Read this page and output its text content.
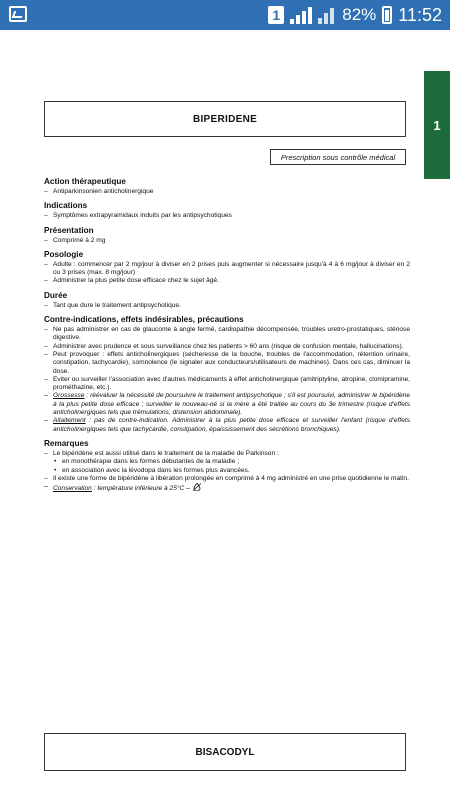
1	82% 11:52
BIPERIDENE
Prescription sous contrôle médical
1
Action thérapeutique

– Antiparkinsonien anticholinergique

Indications

– Symptômes extrapyramidaux induits par les antipsychotiques

Présentation

– Comprimé à 2 mg

Posologie

– Adulte : commencer par 2 mg/jour à diviser en 2 prises puis augmenter si nécessaire jusqu'à 4 à 6 mg/jour à diviser en 2 ou 3 prises (max. 8 mg/jour)

– Administrer la plus petite dose efficace chez le sujet âgé.

Durée

– Tant que dure le traitement antipsychotique.

Contre-indications, effets indésirables, précautions

– Ne pas administrer en cas de glaucome à angle fermé, cardiopathie décompensée, troubles uretro-prostatiques, sténose digestive.

– Administrer avec prudence et sous surveillance chez les patients > 60 ans (risque de confusion mentale, hallucinations).

– Peut provoquer : effets anticholinergiques (sécheresse de la bouche, troubles de l'accommodation, rétention urinaire, constipation, tachycardie), somnolence (le signaler aux conducteurs/utilisateurs de machines). Dans ces cas, diminuer la dose.

– Eviter ou surveiller l'association avec d'autres médicaments à effet anticholinergique (amitriptyline, atropine, clomipramine, prométhazine, etc.).

– Grossesse : réévaluer la nécessité de poursuivre le traitement antipsychotique ; s'il est poursuivi, administrer le bipéridène à la plus petite dose efficace ; surveiller le nouveau-né si la mère a été traitée au cours du 3e trimestre (risque d'effets anticholinergiques tels que trémulations, distension abdominale).

– Allaitement : pas de contre-indication. Administrer à la plus petite dose efficace et surveiller l'enfant (risque d'effets anticholinergiques tels que tachycardie, constipation, épaississement des sécrétions bronchiques).

Remarques

– Le bipéridène est aussi utilisé dans le traitement de la maladie de Parkinson :

• en monothérapie dans les formes débutantes de la maladie ;

• en association avec la lévodopa dans les formes plus avancées.

– Il existe une forme de bipéridène à libération prolongée en comprimé à 4 mg administré en une prise quotidienne le matin.

– Conservation : température inférieure à 25°C –

BISACODYL
